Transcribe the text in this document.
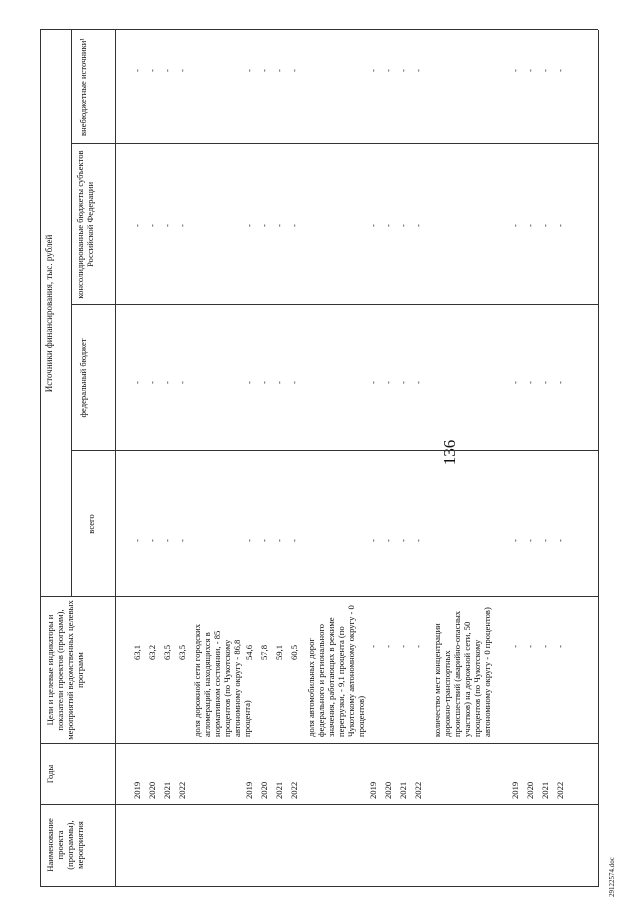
136
29122574.doc
Наименование проекта (программы), мероприятия
Годы
Цели и целевые индикаторы и показатели проектов (программ), мероприятий ведомственных целевых программ
Источники финансирования, тыс. рублей
всего
федеральный бюджет
консолидированные бюджеты субъектов Российской Федерации
внебюджетные источники¹
2019 2020 2021 2022
63,1 63,2 63,5 63,5
- - - -
- - - -
- - - -
- - - -
доля дорожной сети городских агломераций, находящихся в нормативном состоянии, - 85 процентов (по Чукотскому автономному округу - 86,8 процента)
2019 2020 2021 2022
54,6 57,8 59,1 60,5
- - - -
- - - -
- - - -
- - - -
доля автомобильных дорог федерального и регионального значения, работающих в режиме перегрузки, - 9,1 процента (по Чукотскому автономному округу - 0 процентов)
2019 2020 2021 2022
- - - -
- - - -
- - - -
- - - -
- - - -
количество мест концентрации дорожно-транспортных происшествий (аварийно-опасных участков) на дорожной сети, 50 процентов (по Чукотскому автономному округу - 0 процентов)
2019 2020 2021 2022
- - - -
- - - -
- - - -
- - - -
- - - -
